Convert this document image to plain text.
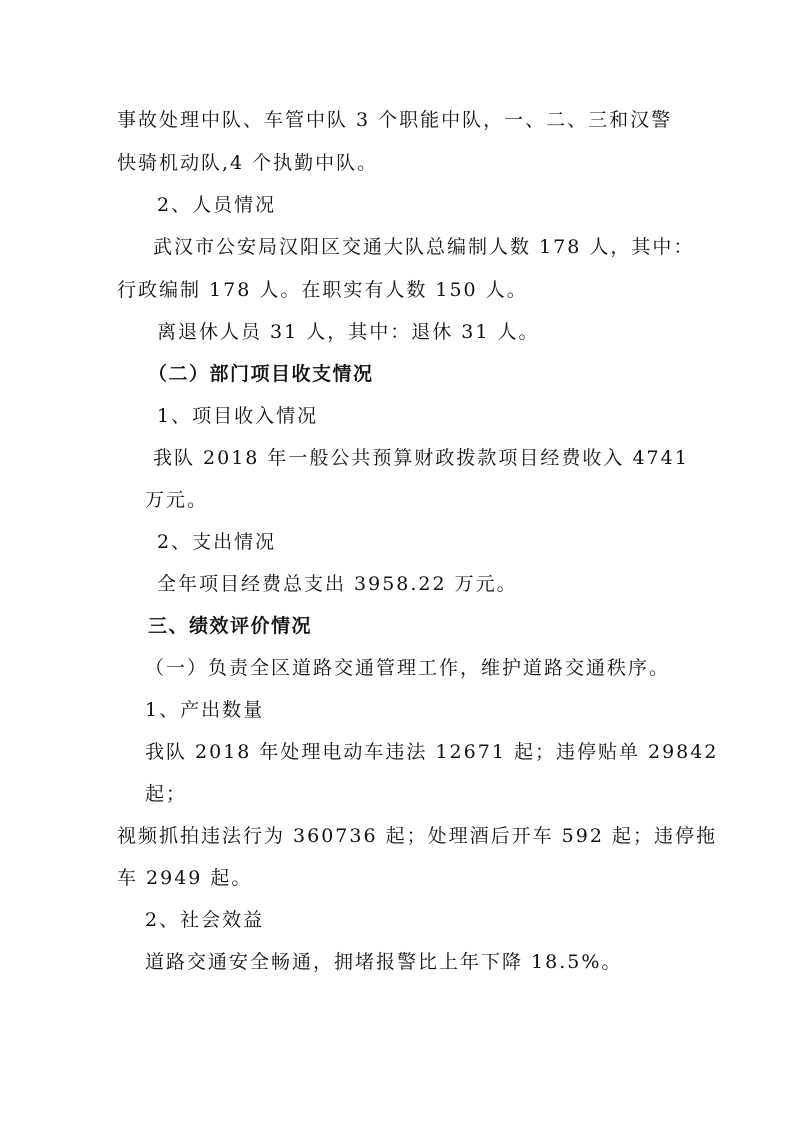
事故处理中队、车管中队 3 个职能中队，一、二、三和汉警
快骑机动队,4 个执勤中队。
2、人员情况
武汉市公安局汉阳区交通大队总编制人数 178 人，其中：
行政编制 178 人。在职实有人数 150 人。
离退休人员 31 人，其中：退休 31 人。
（二）部门项目收支情况
1、项目收入情况
我队 2018 年一般公共预算财政拨款项目经费收入 4741
万元。
2、支出情况
全年项目经费总支出 3958.22 万元。
三、绩效评价情况
（一）负责全区道路交通管理工作，维护道路交通秩序。
1、产出数量
我队 2018 年处理电动车违法 12671 起；违停贴单 29842
起；
视频抓拍违法行为 360736 起；处理酒后开车 592 起；违停拖
车 2949 起。
2、社会效益
道路交通安全畅通，拥堵报警比上年下降 18.5%。
